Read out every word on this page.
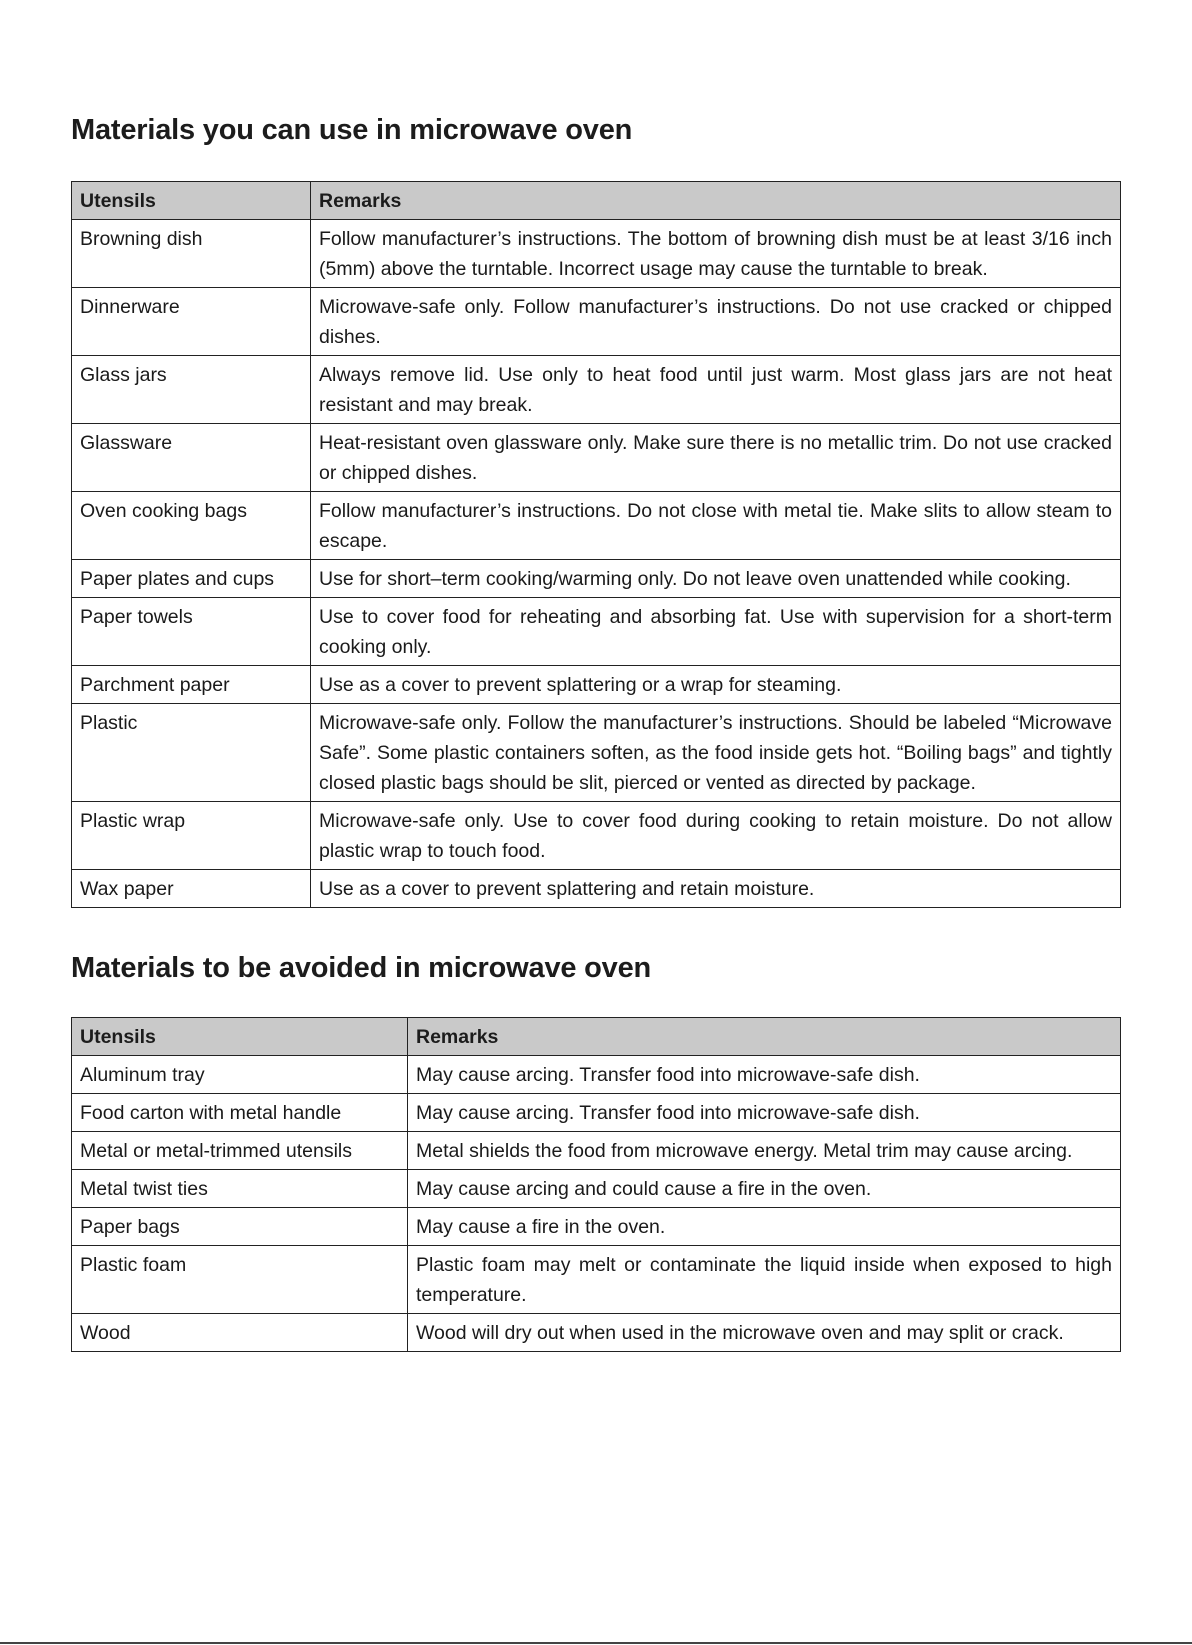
Materials you can use in microwave oven
Utensils	Remarks
Browning dish	Follow manufacturer’s instructions. The bottom of browning dish must be at least 3/16 inch (5mm) above the turntable. Incorrect usage may cause the turntable to break.
Dinnerware	Microwave-safe only. Follow manufacturer’s instructions. Do not use cracked or chipped dishes.
Glass jars	Always remove lid. Use only to heat food until just warm. Most glass jars are not heat resistant and may break.
Glassware	Heat-resistant oven glassware only. Make sure there is no metallic trim. Do not use cracked or chipped dishes.
Oven cooking bags	Follow manufacturer’s instructions. Do not close with metal tie. Make slits to allow steam to escape.
Paper plates and cups	Use for short–term cooking/warming only. Do not leave oven unattended while cooking.
Paper towels	Use to cover food for reheating and absorbing fat. Use with supervision for a short-term cooking only.
Parchment paper	Use as a cover to prevent splattering or a wrap for steaming.
Plastic	Microwave-safe only. Follow the manufacturer’s instructions. Should be labeled “Microwave Safe”. Some plastic containers soften, as the food inside gets hot. “Boiling bags” and tightly closed plastic bags should be slit, pierced or vented as directed by package.
Plastic wrap	Microwave-safe only. Use to cover food during cooking to retain moisture. Do not allow plastic wrap to touch food.
Wax paper	Use as a cover to prevent splattering and retain moisture.
Materials to be avoided in microwave oven
Utensils	Remarks
Aluminum tray	May cause arcing. Transfer food into microwave-safe dish.
Food carton with metal handle	May cause arcing. Transfer food into microwave-safe dish.
Metal or metal-trimmed utensils	Metal shields the food from microwave energy. Metal trim may cause arcing.
Metal twist ties	May cause arcing and could cause a fire in the oven.
Paper bags	May cause a fire in the oven.
Plastic foam	Plastic foam may melt or contaminate the liquid inside when exposed to high temperature.
Wood	Wood will dry out when used in the microwave oven and may split or crack.
